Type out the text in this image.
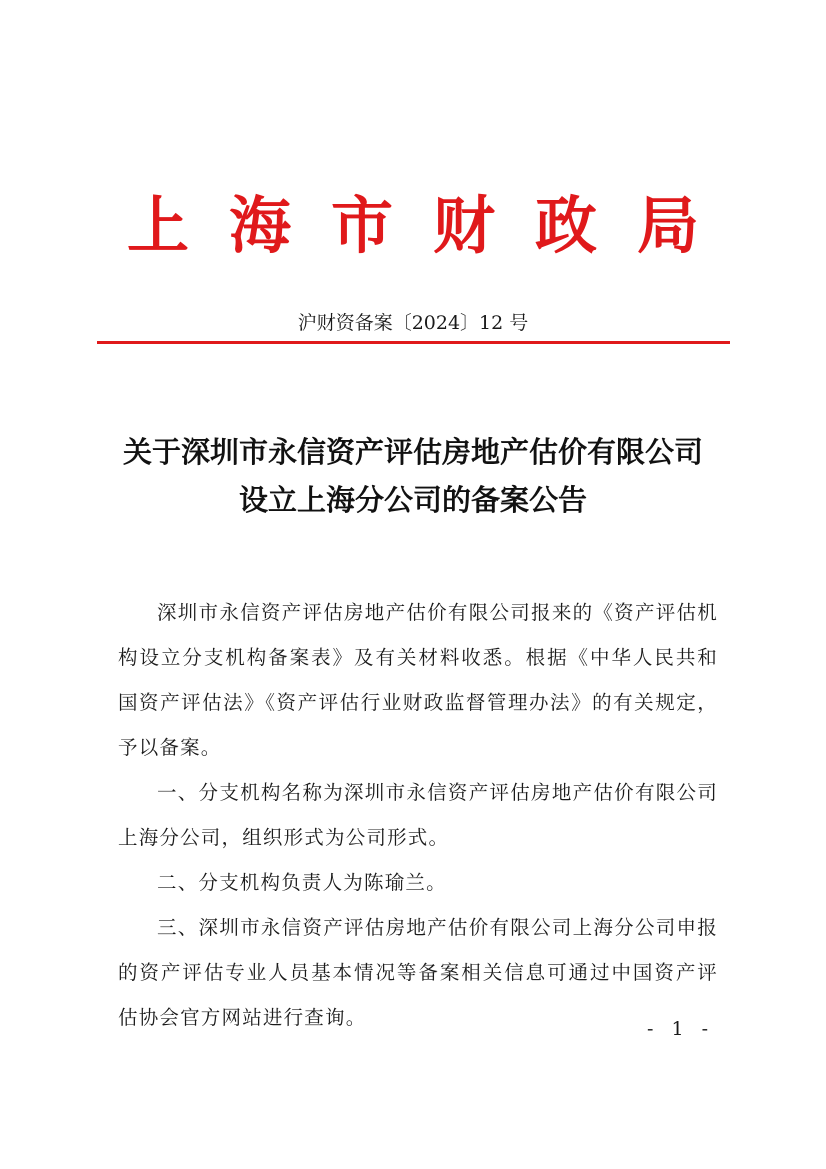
上海市财政局
沪财资备案〔2024〕12 号
关于深圳市永信资产评估房地产估价有限公司
设立上海分公司的备案公告

深圳市永信资产评估房地产估价有限公司报来的《资产评估机构设立分支机构备案表》及有关材料收悉。根据《中华人民共和国资产评估法》《资产评估行业财政监督管理办法》的有关规定，予以备案。

一、分支机构名称为深圳市永信资产评估房地产估价有限公司上海分公司，组织形式为公司形式。

二、分支机构负责人为陈瑜兰。

三、深圳市永信资产评估房地产估价有限公司上海分公司申报的资产评估专业人员基本情况等备案相关信息可通过中国资产评估协会官方网站进行查询。	- 1 -
